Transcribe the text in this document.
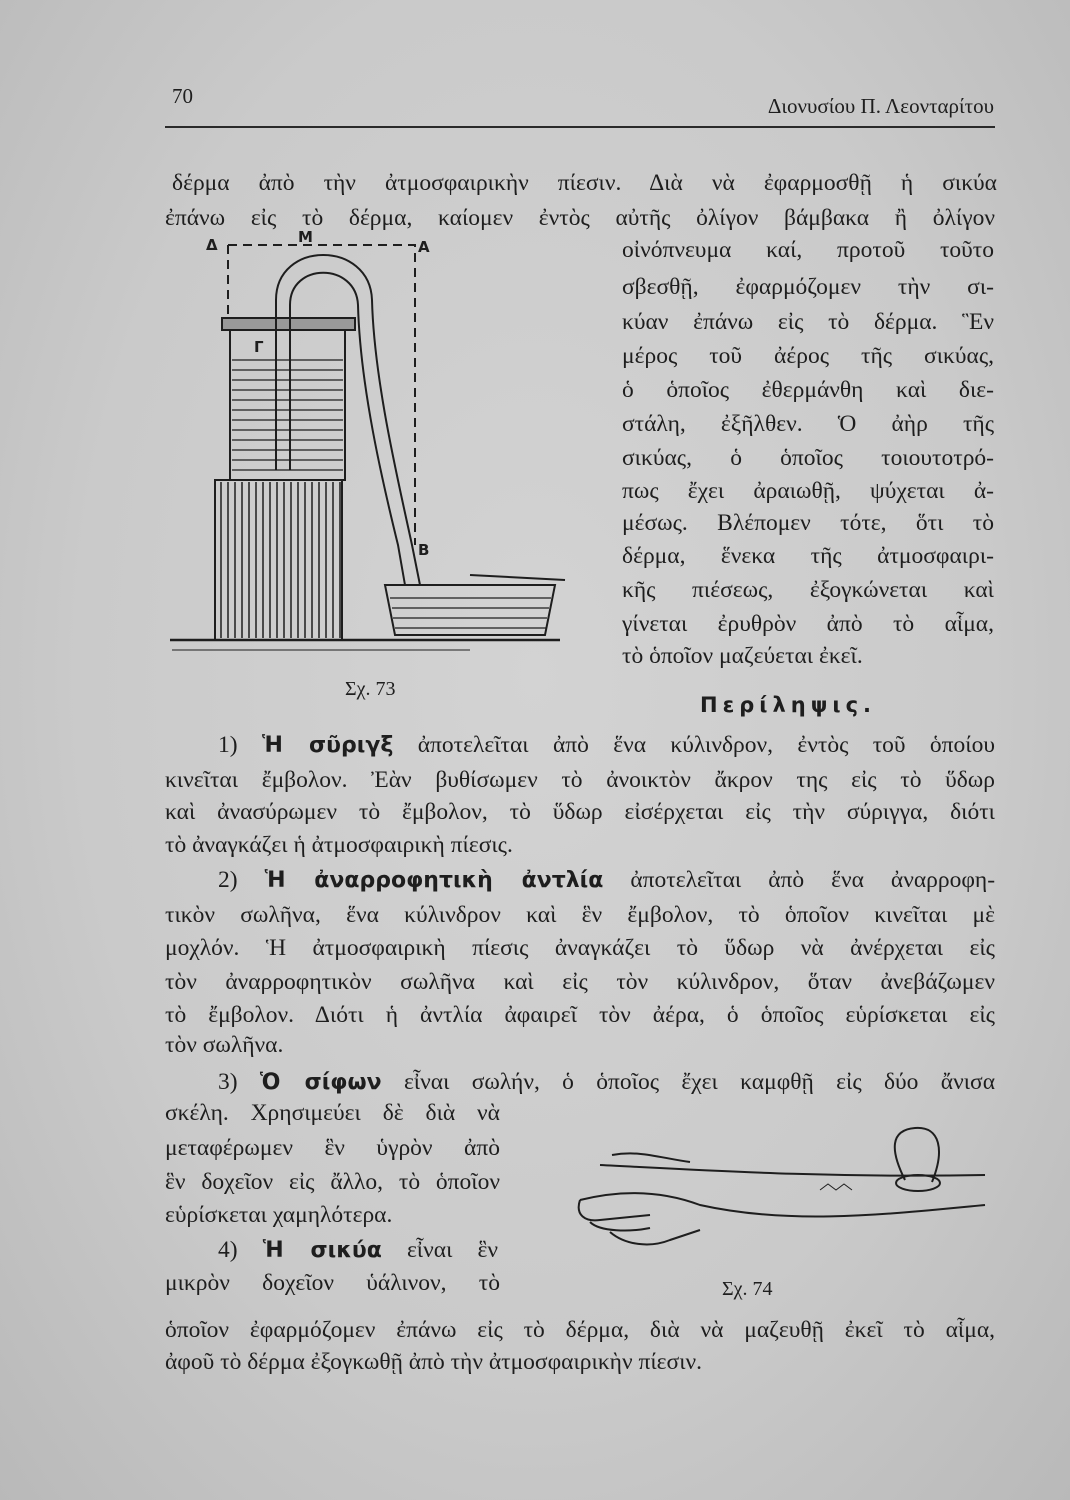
70	Διονυσίου Π. Λεονταρίτου
δέρμα ἀπὸ τὴν ἀτμοσφαιρικὴν πίεσιν. Διὰ νὰ ἐφαρμοσθῇ ἡ σικύα
ἐπάνω εἰς τὸ δέρμα, καίομεν ἐντὸς αὐτῆς ὀλίγον βάμβακα ἢ ὀλίγον
οἰνόπνευμα καί, προτοῦ τοῦτο
σβεσθῇ, ἐφαρμόζομεν τὴν σι-
κύαν ἐπάνω εἰς τὸ δέρμα. Ἓν
μέρος τοῦ ἀέρος τῆς σικύας,
ὁ ὁποῖος ἐθερμάνθη καὶ διε-
στάλη, ἐξῆλθεν. Ὁ ἀὴρ τῆς
σικύας, ὁ ὁποῖος τοιουτοτρό-
πως ἔχει ἀραιωθῇ, ψύχεται ἀ-
μέσως. Βλέπομεν τότε, ὅτι τὸ
δέρμα, ἕνεκα τῆς ἀτμοσφαιρι-
κῆς πιέσεως, ἐξογκώνεται καὶ
γίνεται ἐρυθρὸν ἀπὸ τὸ αἷμα,
τὸ ὁποῖον μαζεύεται ἐκεῖ.
Δ	Μ
Α
Γ
Β
Σχ. 73
Περίληψις.
Σχ. 74
1) Ἡ σῦριγξ ἀποτελεῖται ἀπὸ ἕνα κύλινδρον, ἐντὸς τοῦ ὁποίου
κινεῖται ἔμβολον. Ἐὰν βυθίσωμεν τὸ ἀνοικτὸν ἄκρον της εἰς τὸ ὕδωρ
καὶ ἀνασύρωμεν τὸ ἔμβολον, τὸ ὕδωρ εἰσέρχεται εἰς τὴν σύριγγα, διότι
τὸ ἀναγκάζει ἡ ἀτμοσφαιρικὴ πίεσις.
2) Ἡ ἀναρροφητικὴ ἀντλία ἀποτελεῖται ἀπὸ ἕνα ἀναρροφη-
τικὸν σωλῆνα, ἕνα κύλινδρον καὶ ἓν ἔμβολον, τὸ ὁποῖον κινεῖται μὲ
μοχλόν. Ἡ ἀτμοσφαιρικὴ πίεσις ἀναγκάζει τὸ ὕδωρ νὰ ἀνέρχεται εἰς
τὸν ἀναρροφητικὸν σωλῆνα καὶ εἰς τὸν κύλινδρον, ὅταν ἀνεβάζωμεν
τὸ ἔμβολον. Διότι ἡ ἀντλία ἀφαιρεῖ τὸν ἀέρα, ὁ ὁποῖος εὑρίσκεται εἰς
τὸν σωλῆνα.
3) Ὁ σίφων εἶναι σωλήν, ὁ ὁποῖος ἔχει καμφθῇ εἰς δύο ἄνισα
σκέλη. Χρησιμεύει δὲ διὰ νὰ
μεταφέρωμεν ἓν ὑγρὸν ἀπὸ
ἓν δοχεῖον εἰς ἄλλο, τὸ ὁποῖον
εὑρίσκεται χαμηλότερα.
4) Ἡ σικύα εἶναι ἓν
μικρὸν δοχεῖον ὑάλινον, τὸ
ὁποῖον ἐφαρμόζομεν ἐπάνω εἰς τὸ δέρμα, διὰ νὰ μαζευθῇ ἐκεῖ τὸ αἷμα,
ἀφοῦ τὸ δέρμα ἐξογκωθῇ ἀπὸ τὴν ἀτμοσφαιρικὴν πίεσιν.
